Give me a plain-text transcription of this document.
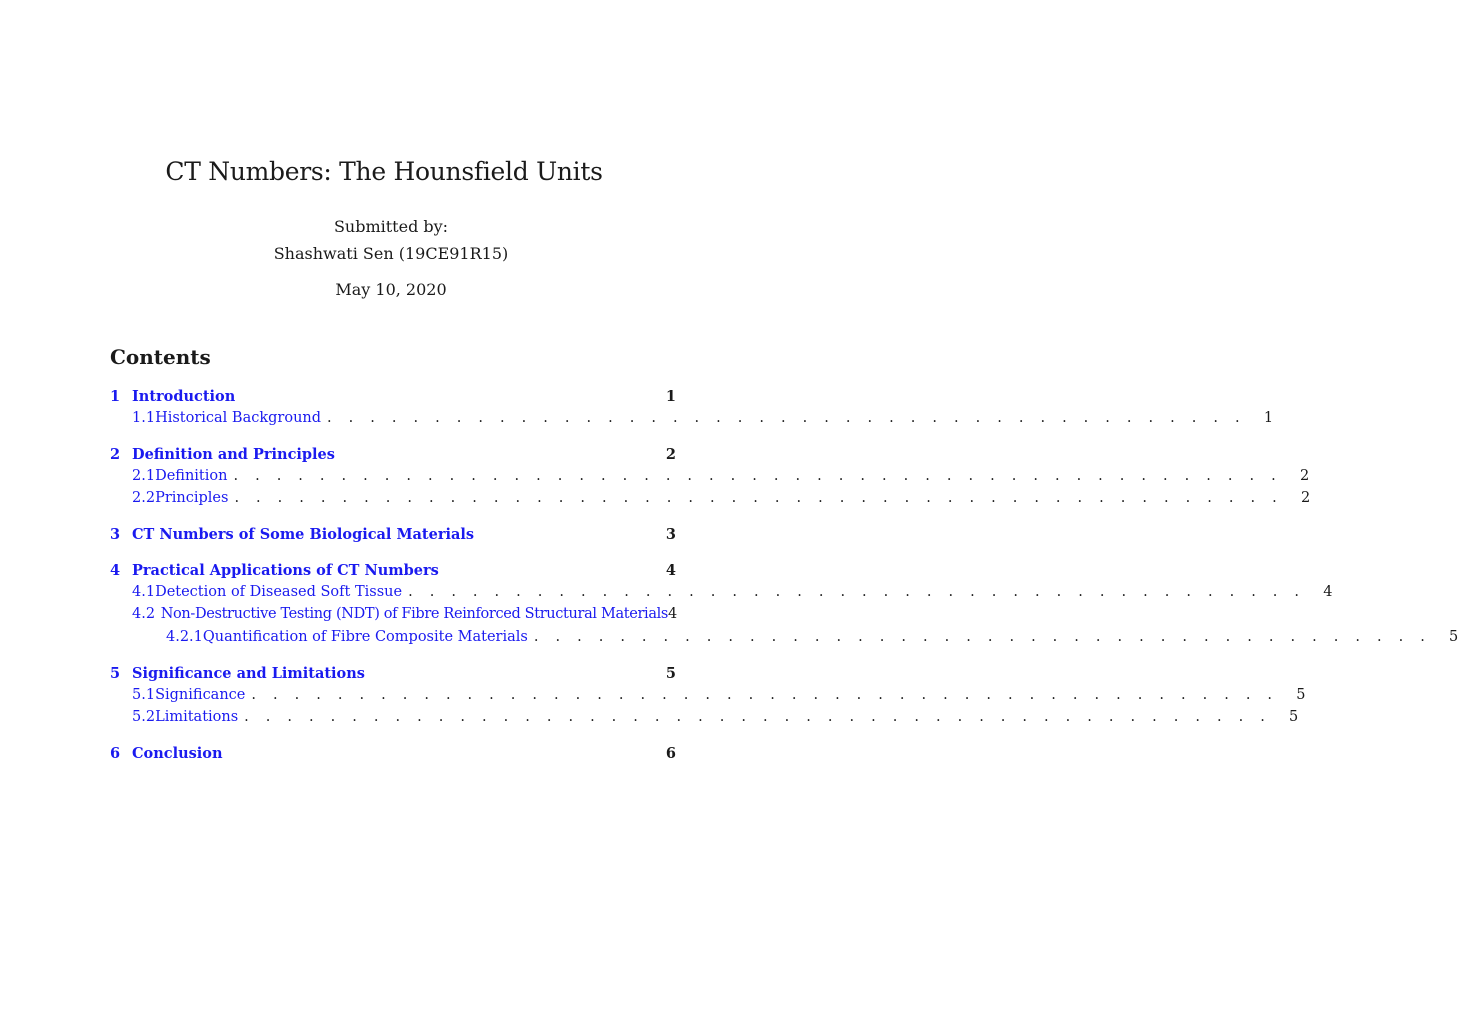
CT Numbers: The Hounsfield Units
Submitted by:
Shashwati Sen (19CE91R15)
May 10, 2020
Contents
1 Introduction	1
1.1 Historical Background . . . . . . . . . . . . . . . . . . . . . . . . . . . . . . . . . . . . . . . . . . . 1
2 Definition and Principles	2
2.1 Definition . . . . . . . . . . . . . . . . . . . . . . . . . . . . . . . . . . . . . . . . . . . . . . . . . 2
2.2 Principles . . . . . . . . . . . . . . . . . . . . . . . . . . . . . . . . . . . . . . . . . . . . . . . . . 2
3 CT Numbers of Some Biological Materials	3
4 Practical Applications of CT Numbers	4
4.1 Detection of Diseased Soft Tissue . . . . . . . . . . . . . . . . . . . . . . . . . . . . . . . . . . . . . . . . . . 4
4.2 Non-Destructive Testing (NDT) of Fibre Reinforced Structural Materials 4
4.2.1 Quantification of Fibre Composite Materials . . . . . . . . . . . . . . . . . . . . . . . . . . . . . . . . . . . . . . . . . . 5
5 Significance and Limitations	5
5.1 Significance . . . . . . . . . . . . . . . . . . . . . . . . . . . . . . . . . . . . . . . . . . . . . . . . 5
5.2 Limitations . . . . . . . . . . . . . . . . . . . . . . . . . . . . . . . . . . . . . . . . . . . . . . . . 5
6 Conclusion	6
